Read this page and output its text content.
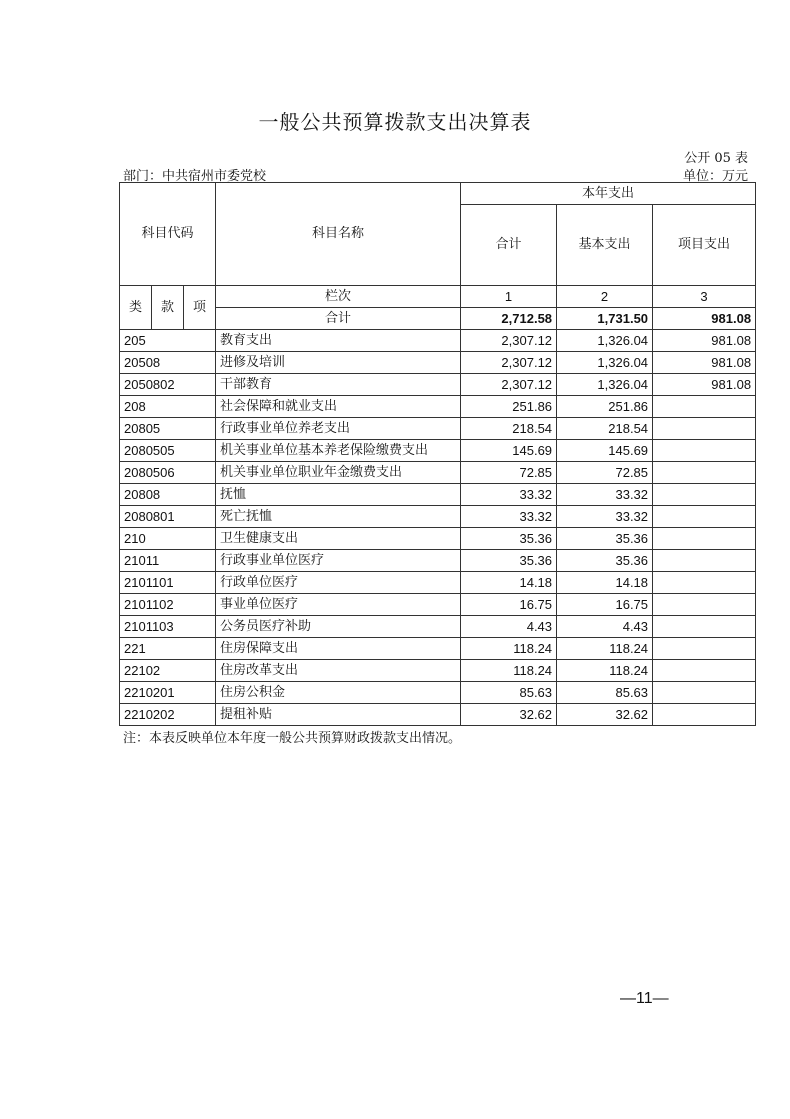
一般公共预算拨款支出决算表
公开 05 表
部门：中共宿州市委党校	单位：万元
科目代码			科目名称	本年支出		
				合计	基本支出	项目支出
类	款	项	栏次	1	2	3
			合计	2,712.58	1,731.50	981.08
205			教育支出	2,307.12	1,326.04	981.08
20508			进修及培训	2,307.12	1,326.04	981.08
2050802			干部教育	2,307.12	1,326.04	981.08
208			社会保障和就业支出	251.86	251.86	
20805			行政事业单位养老支出	218.54	218.54	
2080505			机关事业单位基本养老保险缴费支出	145.69	145.69	
2080506			机关事业单位职业年金缴费支出	72.85	72.85	
20808			抚恤	33.32	33.32	
2080801			死亡抚恤	33.32	33.32	
210			卫生健康支出	35.36	35.36	
21011			行政事业单位医疗	35.36	35.36	
2101101			行政单位医疗	14.18	14.18	
2101102			事业单位医疗	16.75	16.75	
2101103			公务员医疗补助	4.43	4.43	
221			住房保障支出	118.24	118.24	
22102			住房改革支出	118.24	118.24	
2210201			住房公积金	85.63	85.63	
2210202			提租补贴	32.62	32.62	
注：本表反映单位本年度一般公共预算财政拨款支出情况。
—11—
